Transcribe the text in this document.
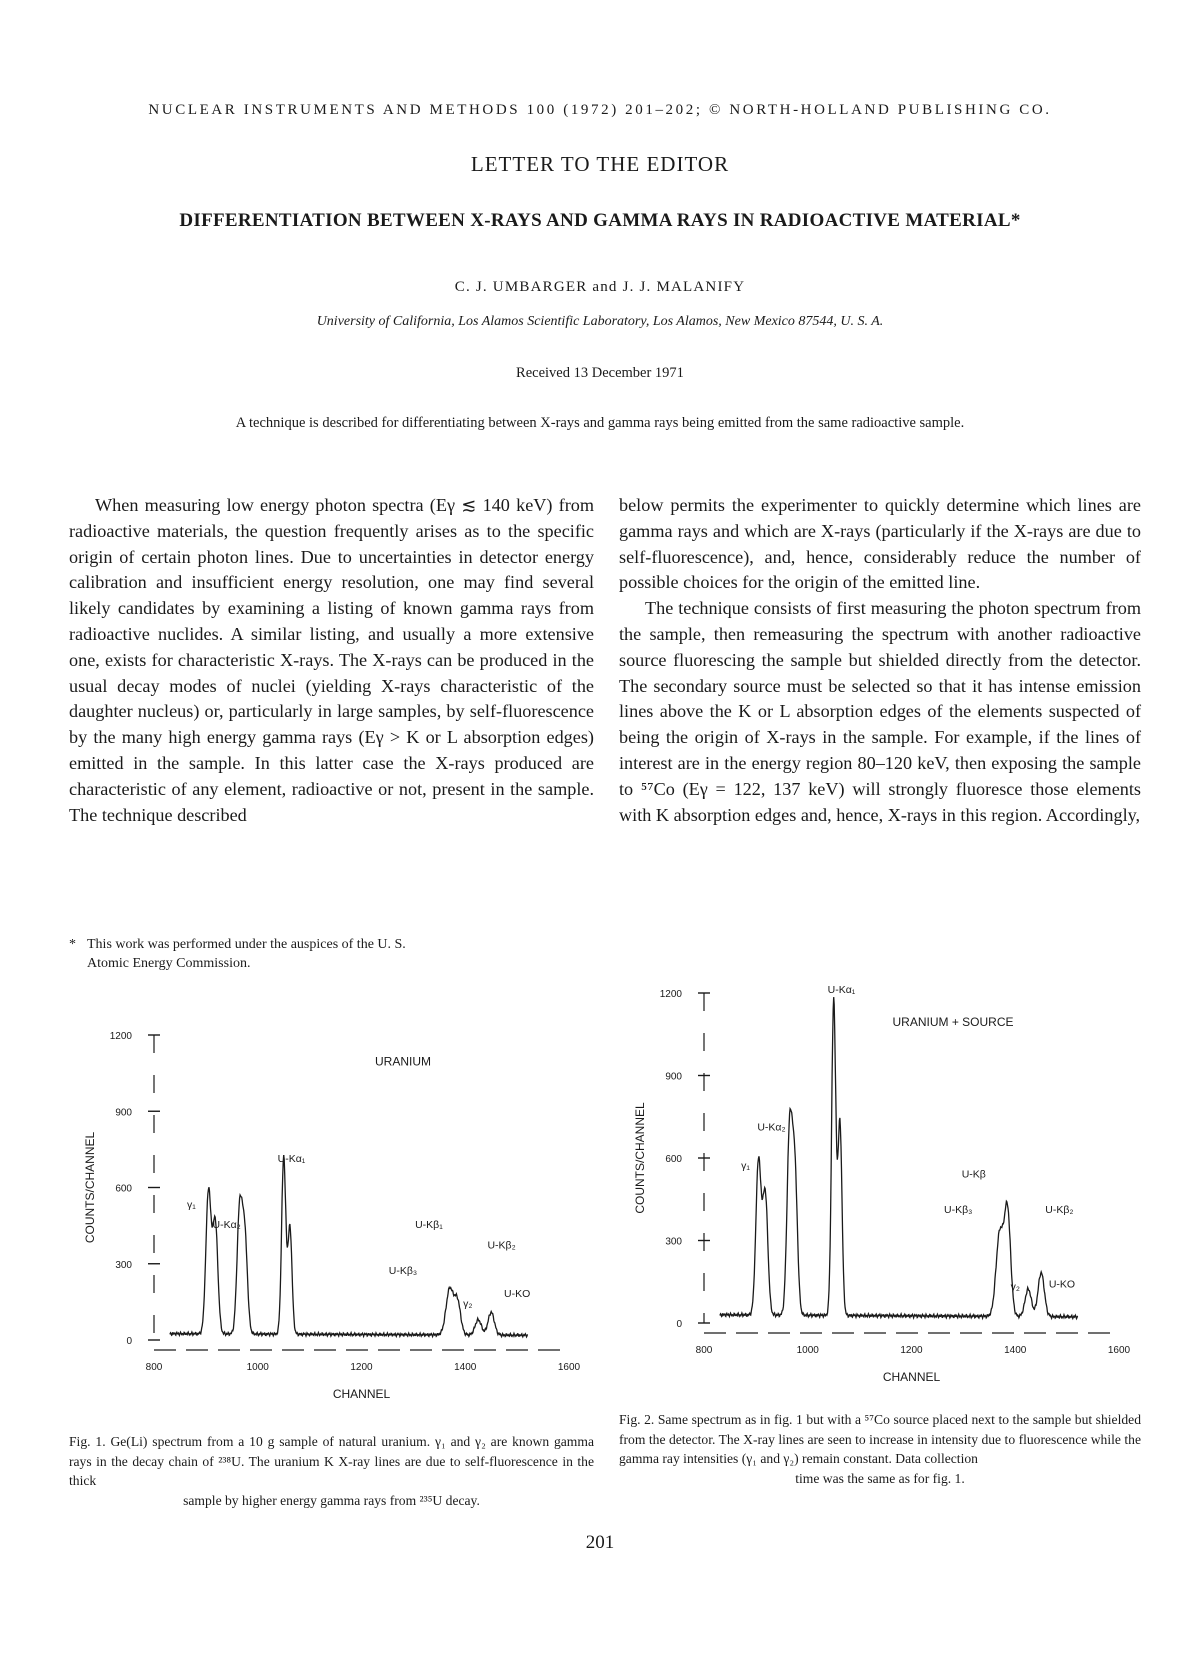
NUCLEAR INSTRUMENTS AND METHODS 100 (1972) 201–202; © NORTH-HOLLAND PUBLISHING CO.
LETTER TO THE EDITOR
DIFFERENTIATION BETWEEN X-RAYS AND GAMMA RAYS IN RADIOACTIVE MATERIAL*
C. J. UMBARGER and J. J. MALANIFY
University of California, Los Alamos Scientific Laboratory, Los Alamos, New Mexico 87544, U. S. A.
Received 13 December 1971
A technique is described for differentiating between X-rays and gamma rays being emitted from the same radioactive sample.

When measuring low energy photon spectra (Eγ ≲ 140 keV) from radioactive materials, the question frequently arises as to the specific origin of certain photon lines. Due to uncertainties in detector energy calibration and insufficient energy resolution, one may find several likely candidates by examining a listing of known gamma rays from radioactive nuclides. A similar listing, and usually a more extensive one, exists for characteristic X-rays. The X-rays can be produced in the usual decay modes of nuclei (yielding X-rays characteristic of the daughter nucleus) or, particularly in large samples, by self-fluorescence by the many high energy gamma rays (Eγ > K or L absorption edges) emitted in the sample. In this latter case the X-rays produced are characteristic of any element, radioactive or not, present in the sample. The technique described

below permits the experimenter to quickly determine which lines are gamma rays and which are X-rays (particularly if the X-rays are due to self-fluorescence), and, hence, considerably reduce the number of possible choices for the origin of the emitted line.

The technique consists of first measuring the photon spectrum from the sample, then remeasuring the spectrum with another radioactive source fluorescing the sample but shielded directly from the detector. The secondary source must be selected so that it has intense emission lines above the K or L absorption edges of the elements suspected of being the origin of X-rays in the sample. For example, if the lines of interest are in the energy region 80–120 keV, then exposing the sample to ⁵⁷Co (Eγ = 122, 137 keV) will strongly fluoresce those elements with K absorption edges and, hence, X-rays in this region. Accordingly,

* This work was performed under the auspices of the U. S.
Atomic Energy Commission.
0
300
600
900
1200
800	1000	1200	1400	1600
CHANNEL
COUNTS/CHANNEL
URANIUM
γ₁
U-Kα₂
U-Kα₁
U-Kβ₁
U-Kβ₂
U-Kβ₃
γ₂
U-KO
0
300
600
900
1200
800	1000	1200	1400	1600
CHANNEL
COUNTS/CHANNEL
URANIUM + SOURCE
γ₁
U-Kα₂
U-Kα₁
U-Kβ
U-Kβ₃	U-Kβ₂
γ₂	U-KO
Fig. 1. Ge(Li) spectrum from a 10 g sample of natural uranium. γ₁ and γ₂ are known gamma rays in the decay chain of ²³⁸U. The uranium K X-ray lines are due to self-fluorescence in the thick
sample by higher energy gamma rays from ²³⁵U decay.
Fig. 2. Same spectrum as in fig. 1 but with a ⁵⁷Co source placed next to the sample but shielded from the detector. The X-ray lines are seen to increase in intensity due to fluorescence while the gamma ray intensities (γ₁ and γ₂) remain constant. Data collection
time was the same as for fig. 1.
201
